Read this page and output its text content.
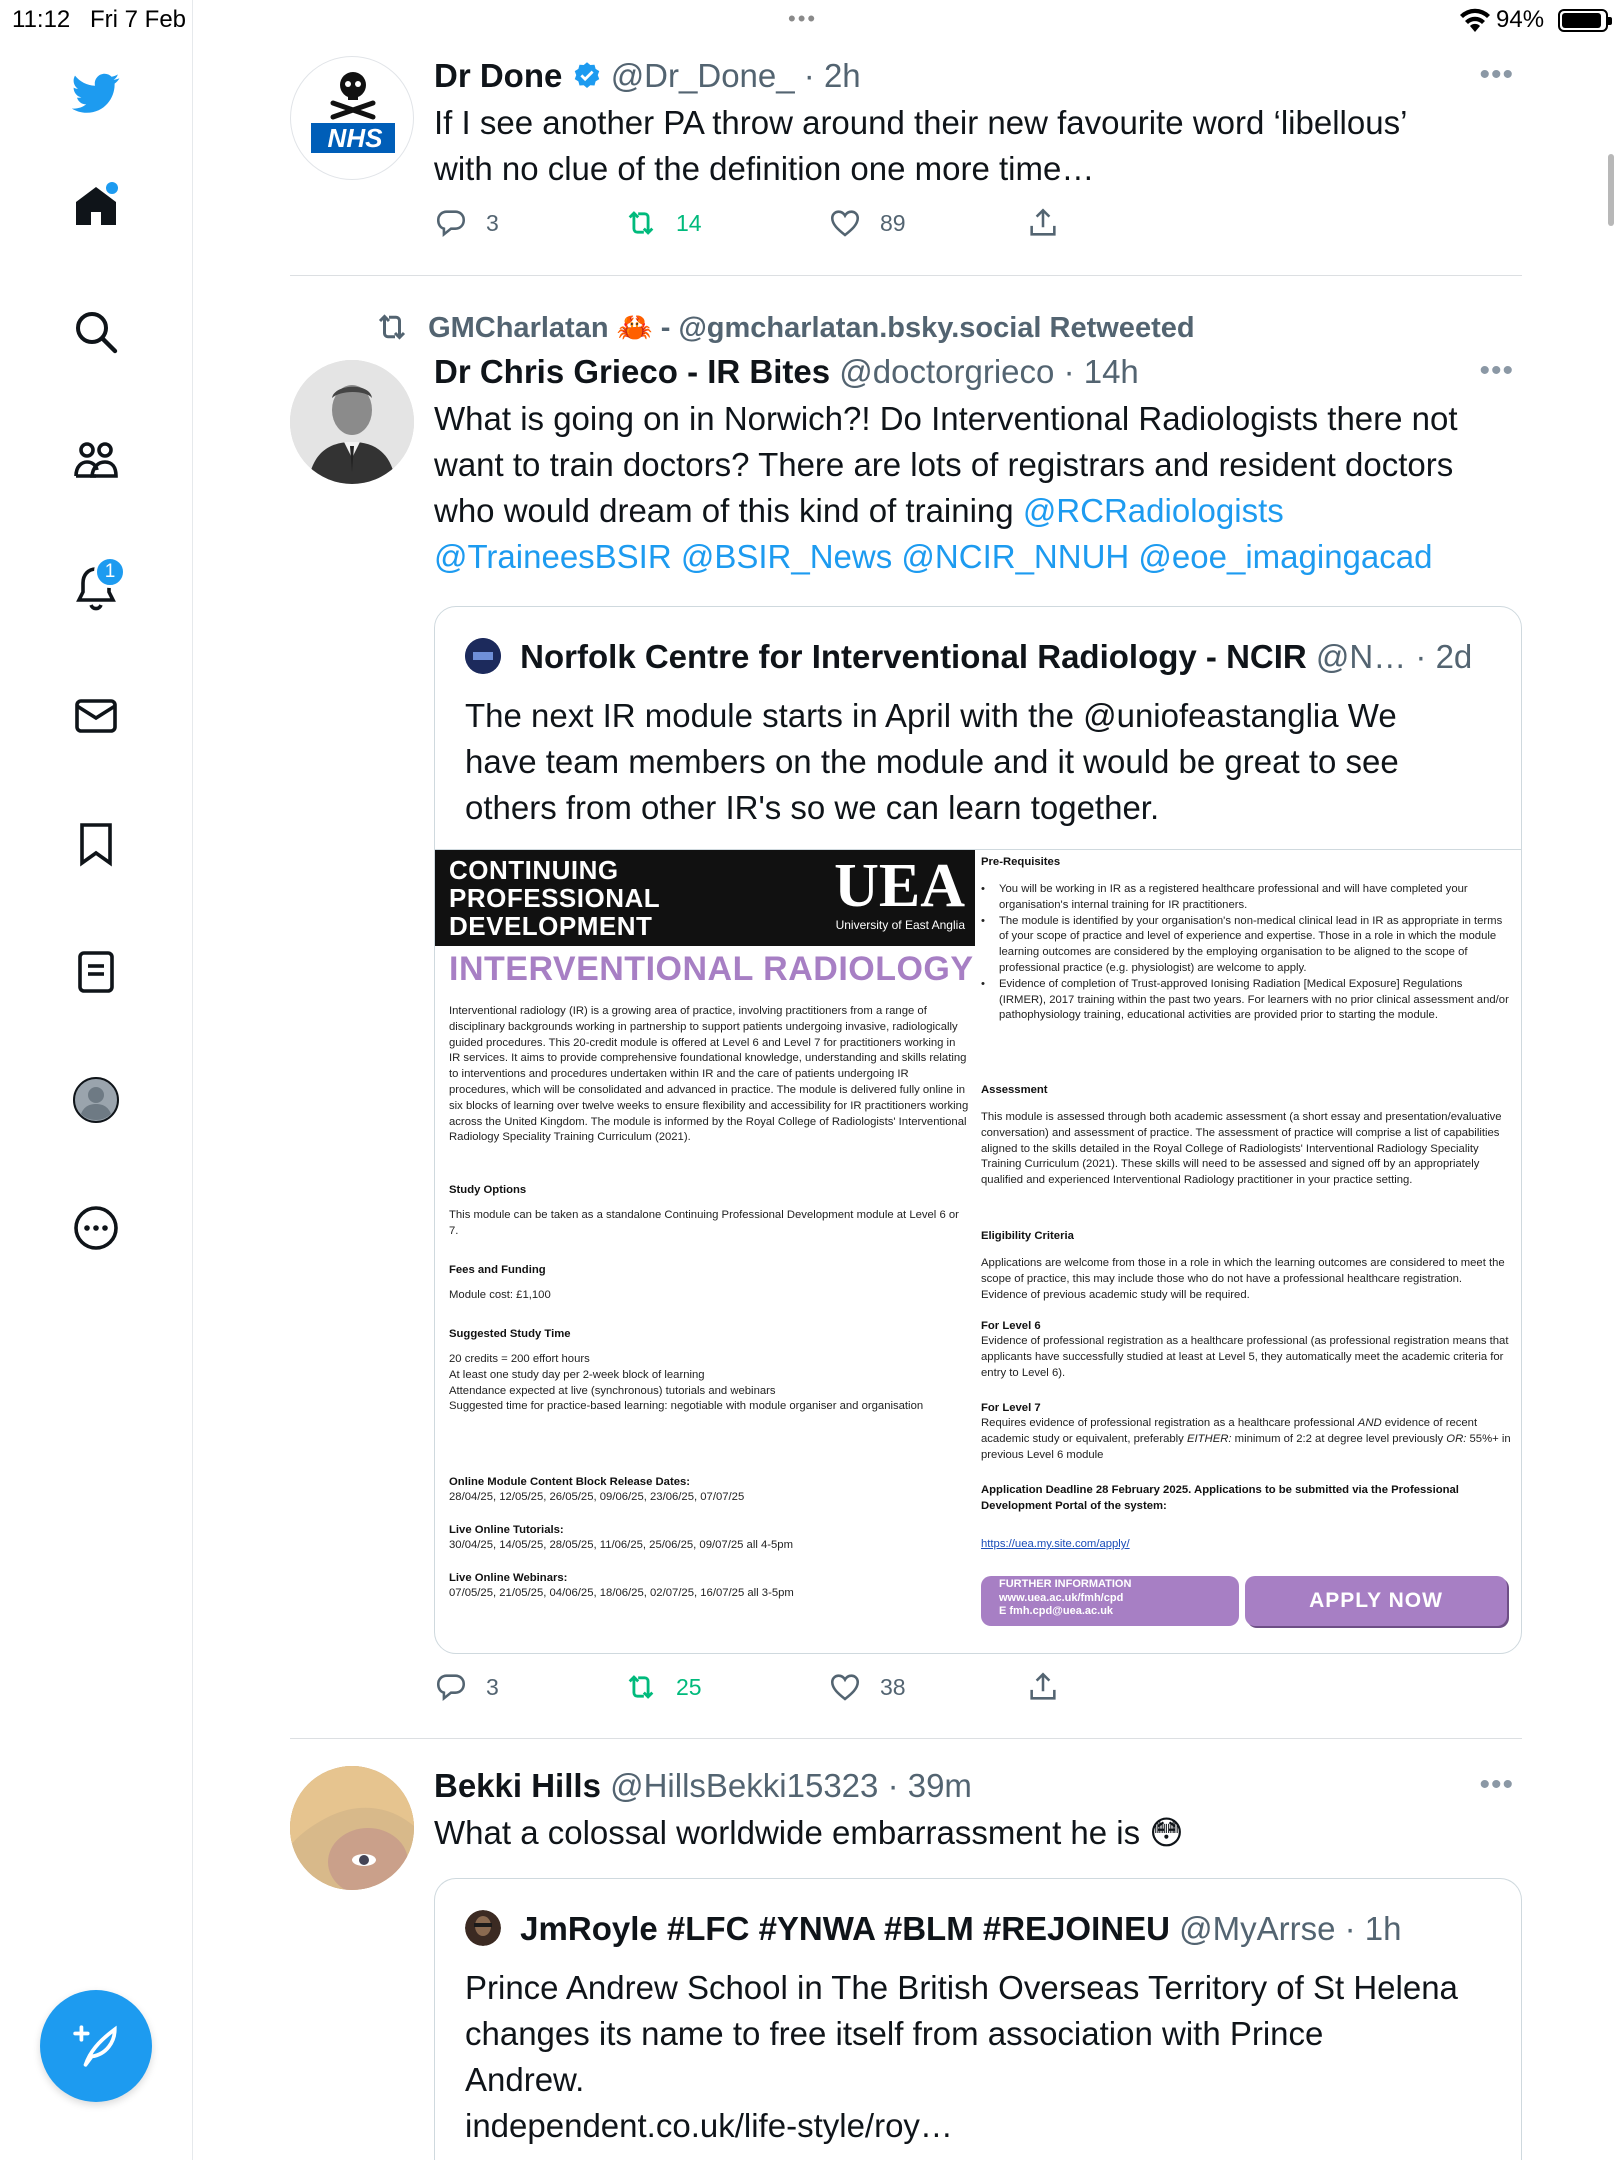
11:12 Fri 7 Feb	•••	94%
1
NHS
Dr Done @Dr_Done_ · 2h	•••
If I see another PA throw around their new favourite word ‘libellous’
with no clue of the definition one more time…
3	14	89
GMCharlatan 🦀 - @gmcharlatan.bsky.social Retweeted
Dr Chris Grieco - IR Bites @doctorgrieco · 14h	•••
What is going on in Norwich?! Do Interventional Radiologists there not
want to train doctors? There are lots of registrars and resident doctors
who would dream of this kind of training @RCRadiologists
@TraineesBSIR @BSIR_News @NCIR_NNUH @eoe_imagingacad
Norfolk Centre for Interventional Radiology - NCIR @N… · 2d
The next IR module starts in April with the @uniofeastanglia We
have team members on the module and it would be great to see
others from other IR's so we can learn together.
CONTINUING
PROFESSIONAL
DEVELOPMENT
UEA
University of East Anglia
INTERVENTIONAL RADIOLOGY
Interventional radiology (IR) is a growing area of practice, involving practitioners from a range of disciplinary backgrounds working in partnership to support patients undergoing invasive, radiologically guided procedures. This 20-credit module is offered at Level 6 and Level 7 for practitioners working in IR services. It aims to provide comprehensive foundational knowledge, understanding and skills relating to interventions and procedures undertaken within IR and the care of patients undergoing IR procedures, which will be consolidated and advanced in practice. The module is delivered fully online in six blocks of learning over twelve weeks to ensure flexibility and accessibility for IR practitioners working across the United Kingdom. The module is informed by the Royal College of Radiologists' Interventional Radiology Speciality Training Curriculum (2021).
Study Options
This module can be taken as a standalone Continuing Professional Development module at Level 6 or 7.
Fees and Funding
Module cost: £1,100
Suggested Study Time
20 credits = 200 effort hours
At least one study day per 2-week block of learning
Attendance expected at live (synchronous) tutorials and webinars
Suggested time for practice-based learning: negotiable with module organiser and organisation
Online Module Content Block Release Dates:
28/04/25, 12/05/25, 26/05/25, 09/06/25, 23/06/25, 07/07/25
Live Online Tutorials:
30/04/25, 14/05/25, 28/05/25, 11/06/25, 25/06/25, 09/07/25 all 4-5pm
Live Online Webinars:
07/05/25, 21/05/25, 04/06/25, 18/06/25, 02/07/25, 16/07/25 all 3-5pm
Pre-Requisites
• You will be working in IR as a registered healthcare professional and will have completed your organisation's internal training for IR practitioners.
• The module is identified by your organisation's non-medical clinical lead in IR as appropriate in terms of your scope of practice and level of experience and expertise. Those in a role in which the module learning outcomes are considered by the employing organisation to be aligned to the scope of professional practice (e.g. physiologist) are welcome to apply.
• Evidence of completion of Trust-approved Ionising Radiation [Medical Exposure] Regulations (IRMER), 2017 training within the past two years. For learners with no prior clinical assessment and/or pathophysiology training, educational activities are provided prior to starting the module.
Assessment
This module is assessed through both academic assessment (a short essay and presentation/evaluative conversation) and assessment of practice. The assessment of practice will comprise a list of capabilities aligned to the skills detailed in the Royal College of Radiologists' Interventional Radiology Speciality Training Curriculum (2021). These skills will need to be assessed and signed off by an appropriately qualified and experienced Interventional Radiology practitioner in your practice setting.
Eligibility Criteria
Applications are welcome from those in a role in which the learning outcomes are considered to meet the scope of practice, this may include those who do not have a professional healthcare registration. Evidence of previous academic study will be required.
For Level 6
Evidence of professional registration as a healthcare professional (as professional registration means that applicants have successfully studied at least at Level 5, they automatically meet the academic criteria for entry to Level 6).
For Level 7
Requires evidence of professional registration as a healthcare professional AND evidence of recent academic study or equivalent, preferably EITHER: minimum of 2:2 at degree level previously OR: 55%+ in previous Level 6 module
Application Deadline 28 February 2025. Applications to be submitted via the Professional Development Portal of the system:
https://uea.my.site.com/apply/
FURTHER INFORMATION
www.uea.ac.uk/fmh/cpd
E fmh.cpd@uea.ac.uk	APPLY NOW
3	25	38
Bekki Hills @HillsBekki15323 · 39m	•••
What a colossal worldwide embarrassment he is 😳
JmRoyle #LFC #YNWA #BLM #REJOINEU @MyArrse · 1h
Prince Andrew School in The British Overseas Territory of St Helena
changes its name to free itself from association with Prince
Andrew.
independent.co.uk/life-style/roy…
